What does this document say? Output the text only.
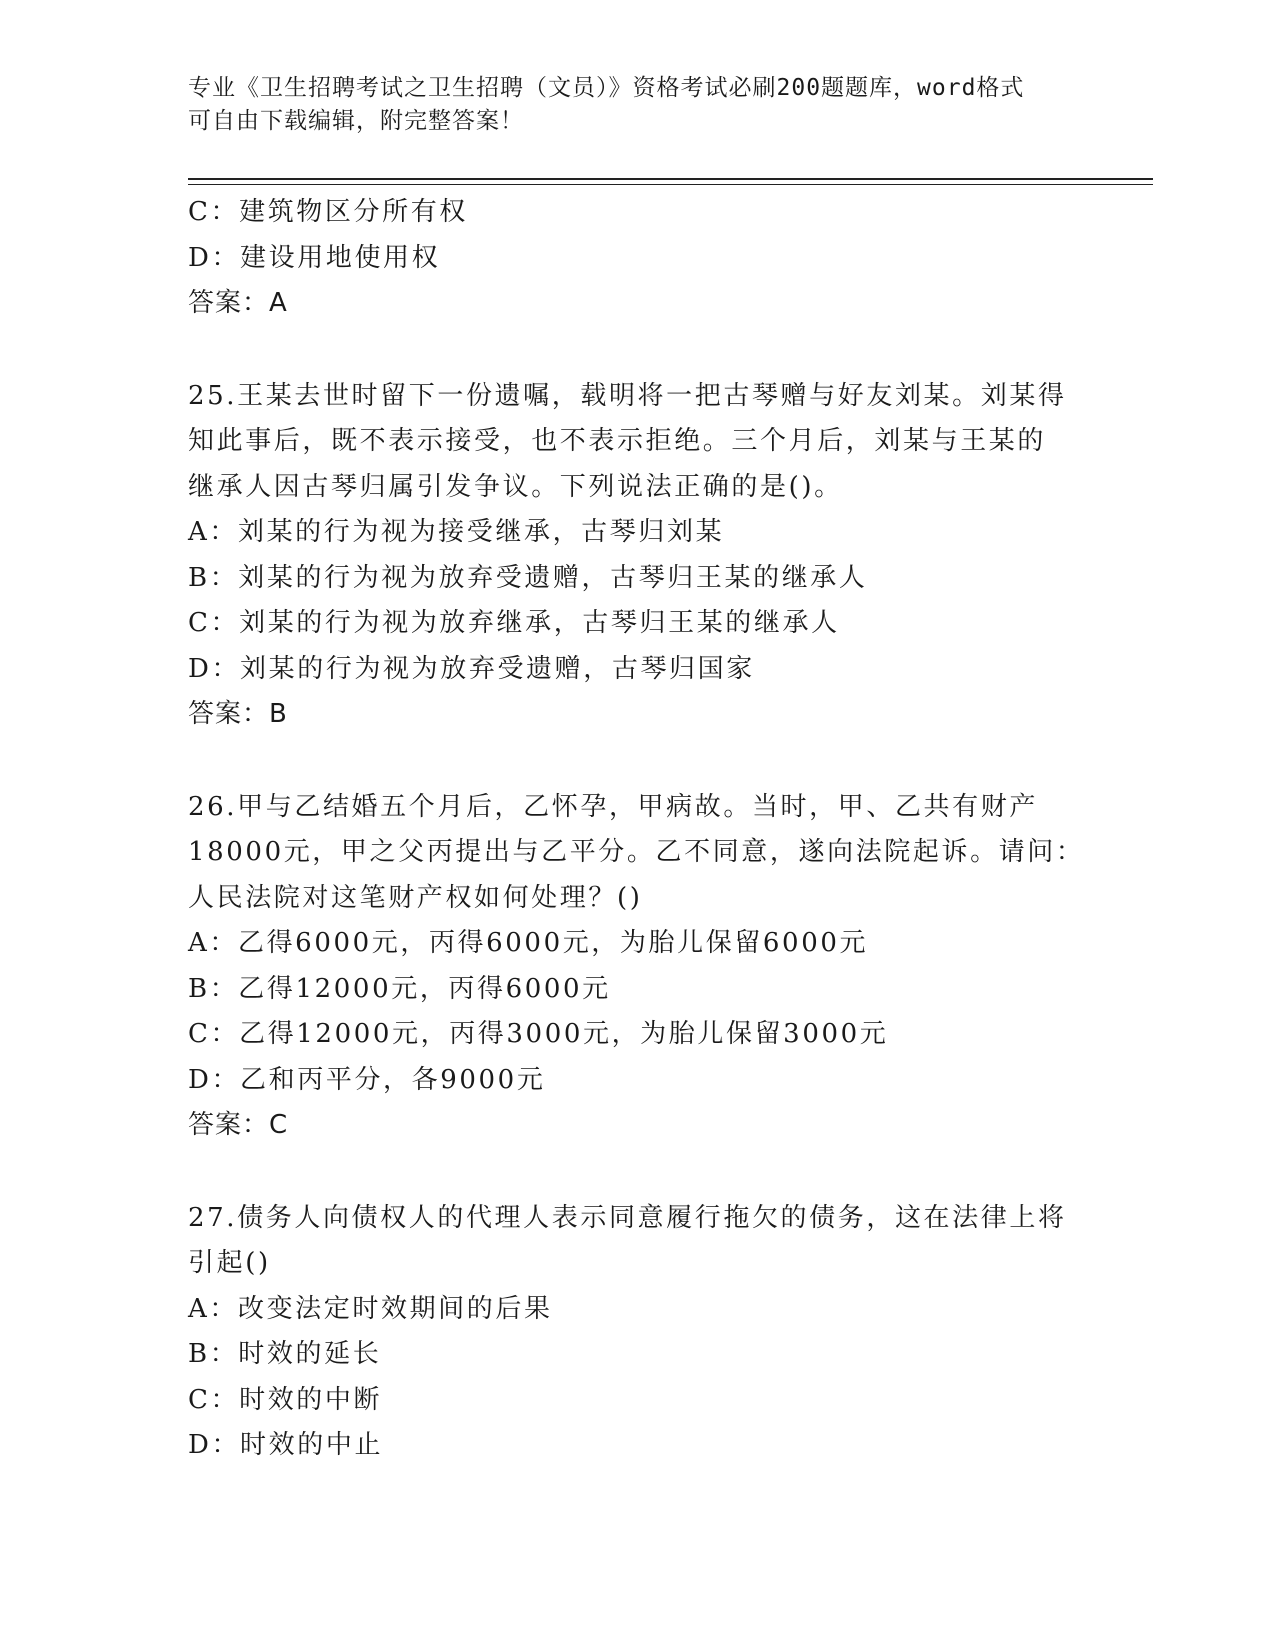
专业《卫生招聘考试之卫生招聘（文员）》资格考试必刷200题题库，word格式
可自由下载编辑，附完整答案！
C：建筑物区分所有权
D：建设用地使用权
答案：A
25.王某去世时留下一份遗嘱，载明将一把古琴赠与好友刘某。刘某得
知此事后，既不表示接受，也不表示拒绝。三个月后，刘某与王某的
继承人因古琴归属引发争议。下列说法正确的是()。
A：刘某的行为视为接受继承，古琴归刘某
B：刘某的行为视为放弃受遗赠，古琴归王某的继承人
C：刘某的行为视为放弃继承，古琴归王某的继承人
D：刘某的行为视为放弃受遗赠，古琴归国家
答案：B
26.甲与乙结婚五个月后，乙怀孕，甲病故。当时，甲、乙共有财产
18000元，甲之父丙提出与乙平分。乙不同意，遂向法院起诉。请问：
人民法院对这笔财产权如何处理？()
A：乙得6000元，丙得6000元，为胎儿保留6000元
B：乙得12000元，丙得6000元
C：乙得12000元，丙得3000元，为胎儿保留3000元
D：乙和丙平分，各9000元
答案：C
27.债务人向债权人的代理人表示同意履行拖欠的债务，这在法律上将
引起()
A：改变法定时效期间的后果
B：时效的延长
C：时效的中断
D：时效的中止
